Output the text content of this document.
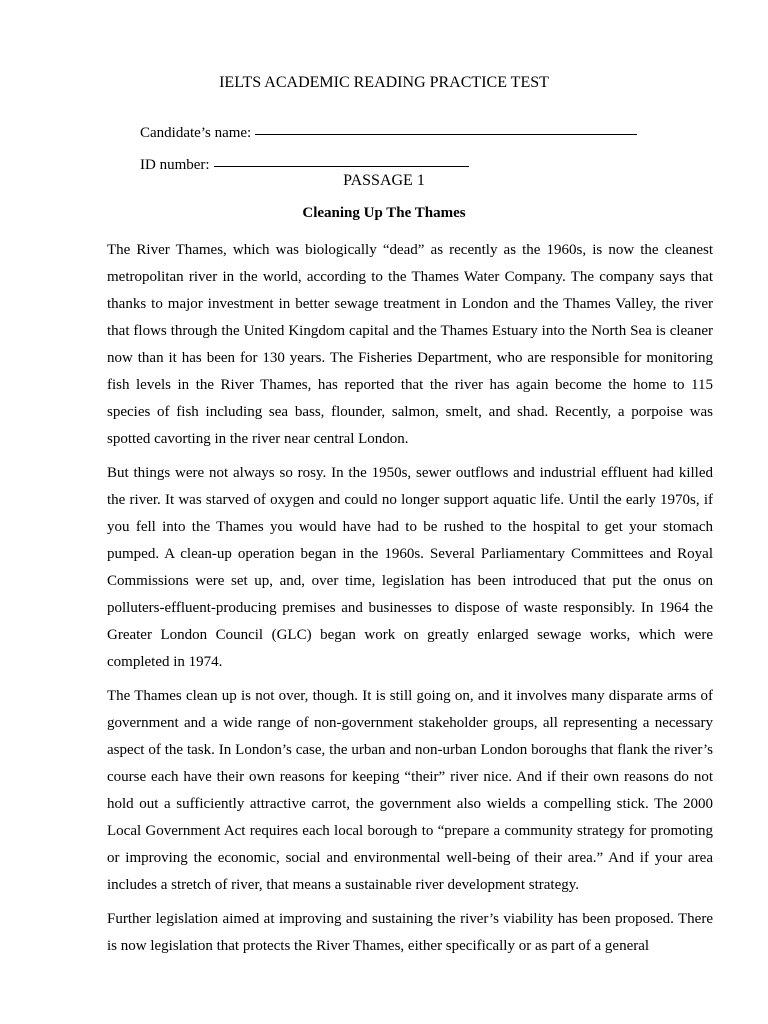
IELTS ACADEMIC READING PRACTICE TEST

Candidate’s name:

ID number:

PASSAGE 1
Cleaning Up The Thames

The River Thames, which was biologically “dead” as recently as the 1960s, is now the cleanest metropolitan river in the world, according to the Thames Water Company. The company says that thanks to major investment in better sewage treatment in London and the Thames Valley, the river that flows through the United Kingdom capital and the Thames Estuary into the North Sea is cleaner now than it has been for 130 years. The Fisheries Department, who are responsible for monitoring fish levels in the River Thames, has reported that the river has again become the home to 115 species of fish including sea bass, flounder, salmon, smelt, and shad. Recently, a porpoise was spotted cavorting in the river near central London.

But things were not always so rosy. In the 1950s, sewer outflows and industrial effluent had killed the river. It was starved of oxygen and could no longer support aquatic life. Until the early 1970s, if you fell into the Thames you would have had to be rushed to the hospital to get your stomach pumped. A clean-up operation began in the 1960s. Several Parliamentary Committees and Royal Commissions were set up, and, over time, legislation has been introduced that put the onus on polluters-effluent-producing premises and businesses to dispose of waste responsibly. In 1964 the Greater London Council (GLC) began work on greatly enlarged sewage works, which were completed in 1974.

The Thames clean up is not over, though. It is still going on, and it involves many disparate arms of government and a wide range of non-government stakeholder groups, all representing a necessary aspect of the task. In London’s case, the urban and non-urban London boroughs that flank the river’s course each have their own reasons for keeping “their” river nice. And if their own reasons do not hold out a sufficiently attractive carrot, the government also wields a compelling stick. The 2000 Local Government Act requires each local borough to “prepare a community strategy for promoting or improving the economic, social and environmental well-being of their area.” And if your area includes a stretch of river, that means a sustainable river development strategy.

Further legislation aimed at improving and sustaining the river’s viability has been proposed. There is now legislation that protects the River Thames, either specifically or as part of a general
